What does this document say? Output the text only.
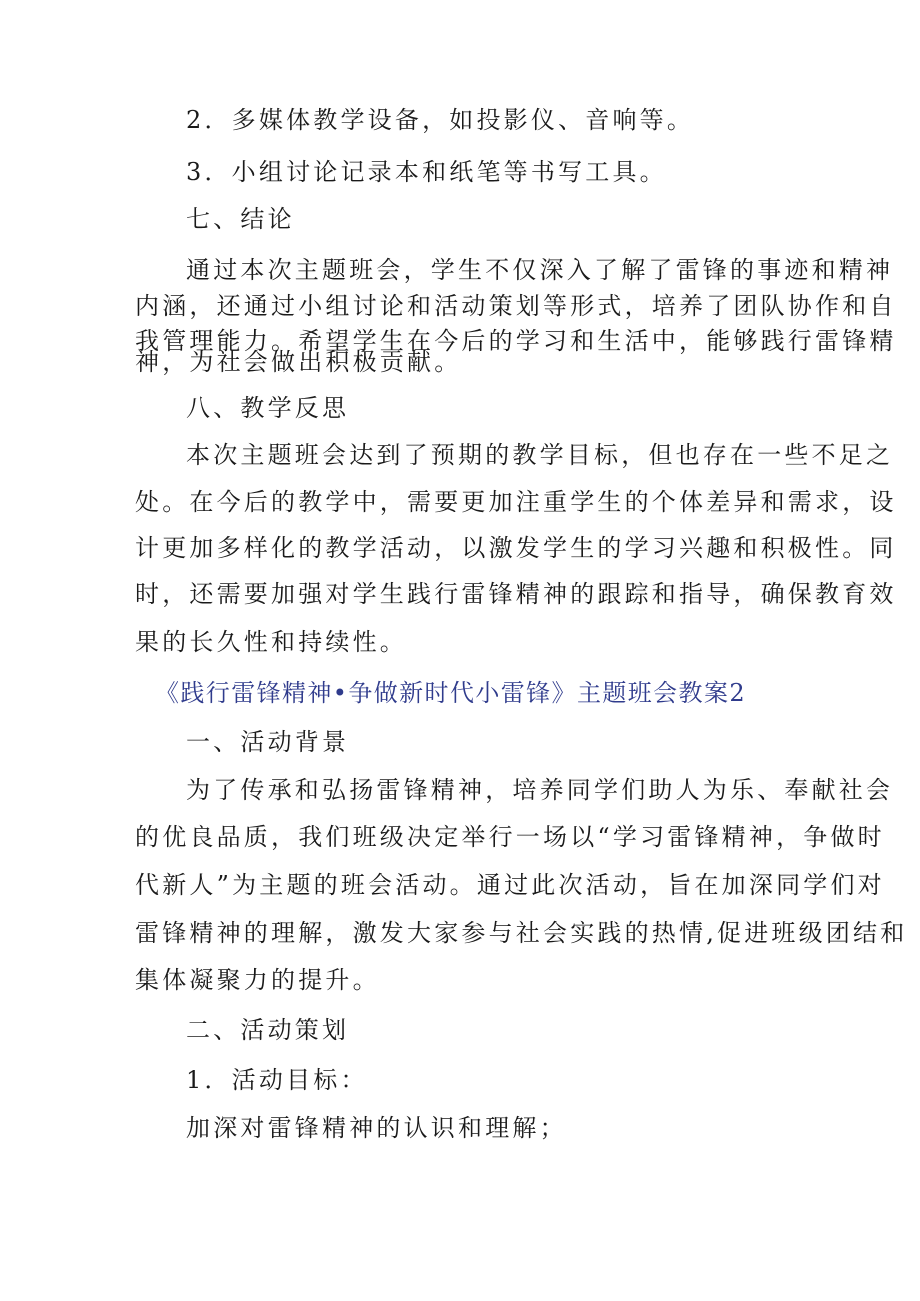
2．多媒体教学设备，如投影仪、音响等。
3．小组讨论记录本和纸笔等书写工具。
七、结论
通过本次主题班会，学生不仅深入了解了雷锋的事迹和精神
内涵，还通过小组讨论和活动策划等形式，培养了团队协作和自
我管理能力。希望学生在今后的学习和生活中，能够践行雷锋精
神，为社会做出积极贡献。
八、教学反思
本次主题班会达到了预期的教学目标，但也存在一些不足之
处。在今后的教学中，需要更加注重学生的个体差异和需求，设
计更加多样化的教学活动，以激发学生的学习兴趣和积极性。同
时，还需要加强对学生践行雷锋精神的跟踪和指导，确保教育效
果的长久性和持续性。
《践行雷锋精神•争做新时代小雷锋》主题班会教案2
一、活动背景
为了传承和弘扬雷锋精神，培养同学们助人为乐、奉献社会
的优良品质，我们班级决定举行一场以“学习雷锋精神，争做时
代新人”为主题的班会活动。通过此次活动，旨在加深同学们对
雷锋精神的理解，激发大家参与社会实践的热情,促进班级团结和
集体凝聚力的提升。
二、活动策划
1．活动目标：
加深对雷锋精神的认识和理解；
